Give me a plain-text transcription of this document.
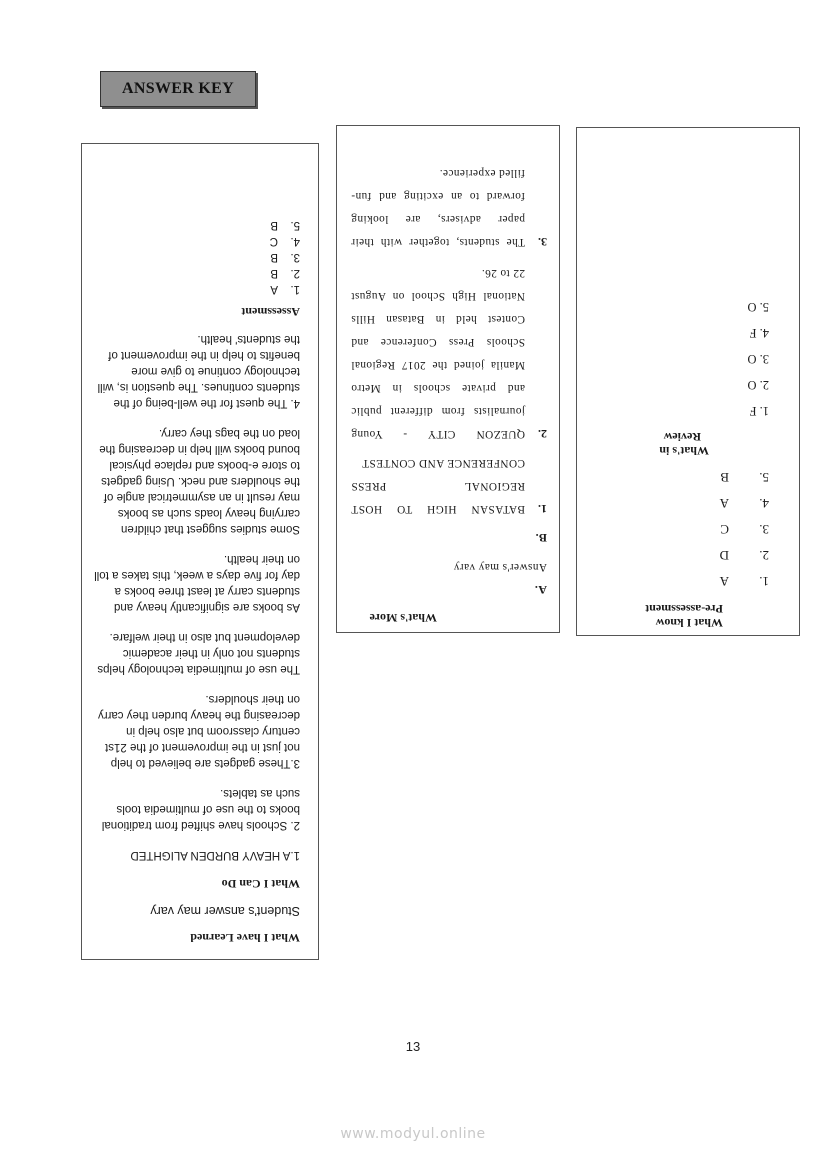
ANSWER KEY
What I know
Pre-assessment
1.
A
2.
D
3.
C
4.
A
5.
B
What's in
Review
1. F
2. O
3. O
4. F
5. O
What's More

A.

Answer's may vary

B.

1.

BATASAN HIGH TO HOST REGIONAL PRESS CONFERENCE AND CONTEST

2.

QUEZON CITY - Young journalists from different public and private schools in Metro Manila joined the 2017 Regional Schools Press Conference and Contest held in Batasan Hills National High School on August 22 to 26.

3.

The students, together with their paper advisers, are looking forward to an exciting and fun-filled experience.

What I have Learned

Student's answer may vary

What I Can Do

1.A HEAVY BURDEN ALIGHTED

2. Schools have shifted from traditional books to the use of multimedia tools such as tablets.

3.These gadgets are believed to help not just in the improvement of the 21st century classroom but also help in decreasing the heavy burden they carry on their shoulders.

The use of multimedia technology helps students not only in their academic development but also in their welfare.

As books are significantly heavy and students carry at least three books a day for five days a week, this takes a toll on their health.

Some studies suggest that children carrying heavy loads such as books may result in an asymmetrical angle of the shoulders and neck. Using gadgets to store e-books and replace physical bound books will help in decreasing the load on the bags they carry.

4. The quest for the well-being of the students continues. The question is, will technology continue to give more benefits to help in the improvement of the students' health.

Assessment
1.
A
2.
B
3.
B
4.
C
5.
B
13
www.modyul.online
